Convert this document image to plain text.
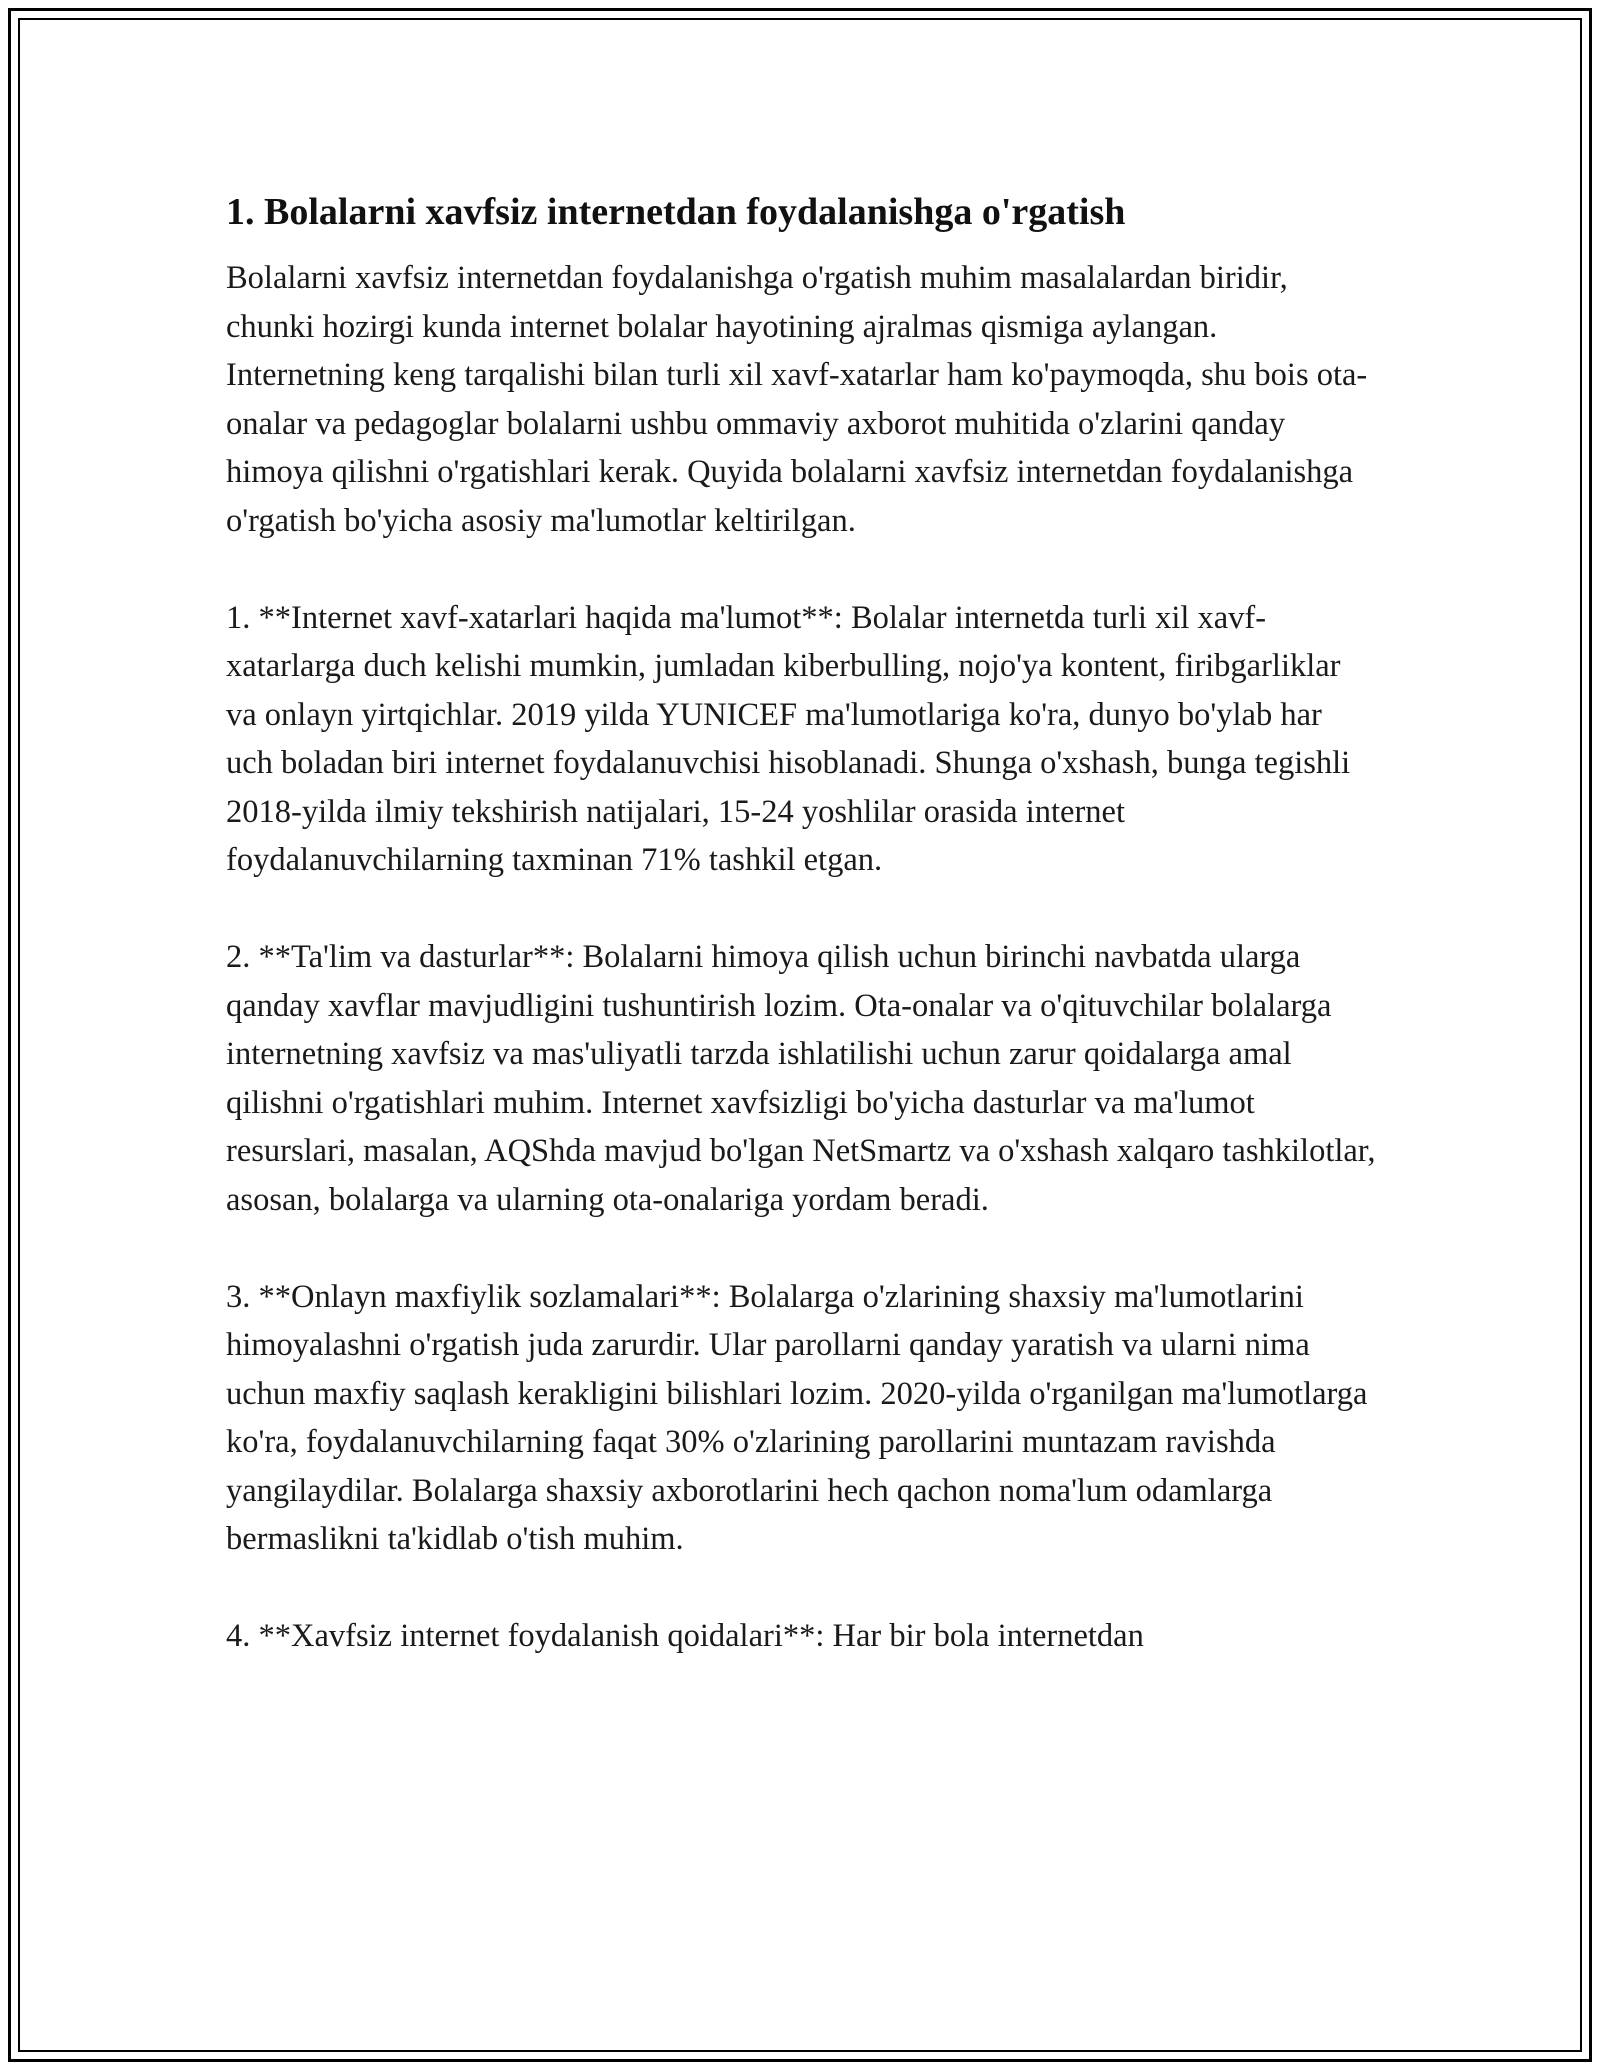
1. Bolalarni xavfsiz internetdan foydalanishga o'rgatish

Bolalarni xavfsiz internetdan foydalanishga o'rgatish muhim masalalardan biridir, chunki hozirgi kunda internet bolalar hayotining ajralmas qismiga aylangan. Internetning keng tarqalishi bilan turli xil xavf-xatarlar ham ko'paymoqda, shu bois ota-onalar va pedagoglar bolalarni ushbu ommaviy axborot muhitida o'zlarini qanday himoya qilishni o'rgatishlari kerak. Quyida bolalarni xavfsiz internetdan foydalanishga o'rgatish bo'yicha asosiy ma'lumotlar keltirilgan.

1. **Internet xavf-xatarlari haqida ma'lumot**: Bolalar internetda turli xil xavf-xatarlarga duch kelishi mumkin, jumladan kiberbulling, nojo'ya kontent, firibgarliklar va onlayn yirtqichlar. 2019 yilda YUNICEF ma'lumotlariga ko'ra, dunyo bo'ylab har uch boladan biri internet foydalanuvchisi hisoblanadi. Shunga o'xshash, bunga tegishli 2018-yilda ilmiy tekshirish natijalari, 15-24 yoshlilar orasida internet foydalanuvchilarning taxminan 71% tashkil etgan.

2. **Ta'lim va dasturlar**: Bolalarni himoya qilish uchun birinchi navbatda ularga qanday xavflar mavjudligini tushuntirish lozim. Ota-onalar va o'qituvchilar bolalarga internetning xavfsiz va mas'uliyatli tarzda ishlatilishi uchun zarur qoidalarga amal qilishni o'rgatishlari muhim. Internet xavfsizligi bo'yicha dasturlar va ma'lumot resurslari, masalan, AQShda mavjud bo'lgan NetSmartz va o'xshash xalqaro tashkilotlar, asosan, bolalarga va ularning ota-onalariga yordam beradi.

3. **Onlayn maxfiylik sozlamalari**: Bolalarga o'zlarining shaxsiy ma'lumotlarini himoyalashni o'rgatish juda zarurdir. Ular parollarni qanday yaratish va ularni nima uchun maxfiy saqlash kerakligini bilishlari lozim. 2020-yilda o'rganilgan ma'lumotlarga ko'ra, foydalanuvchilarning faqat 30% o'zlarining parollarini muntazam ravishda yangilaydilar. Bolalarga shaxsiy axborotlarini hech qachon noma'lum odamlarga bermaslikni ta'kidlab o'tish muhim.

4. **Xavfsiz internet foydalanish qoidalari**: Har bir bola internetdan
